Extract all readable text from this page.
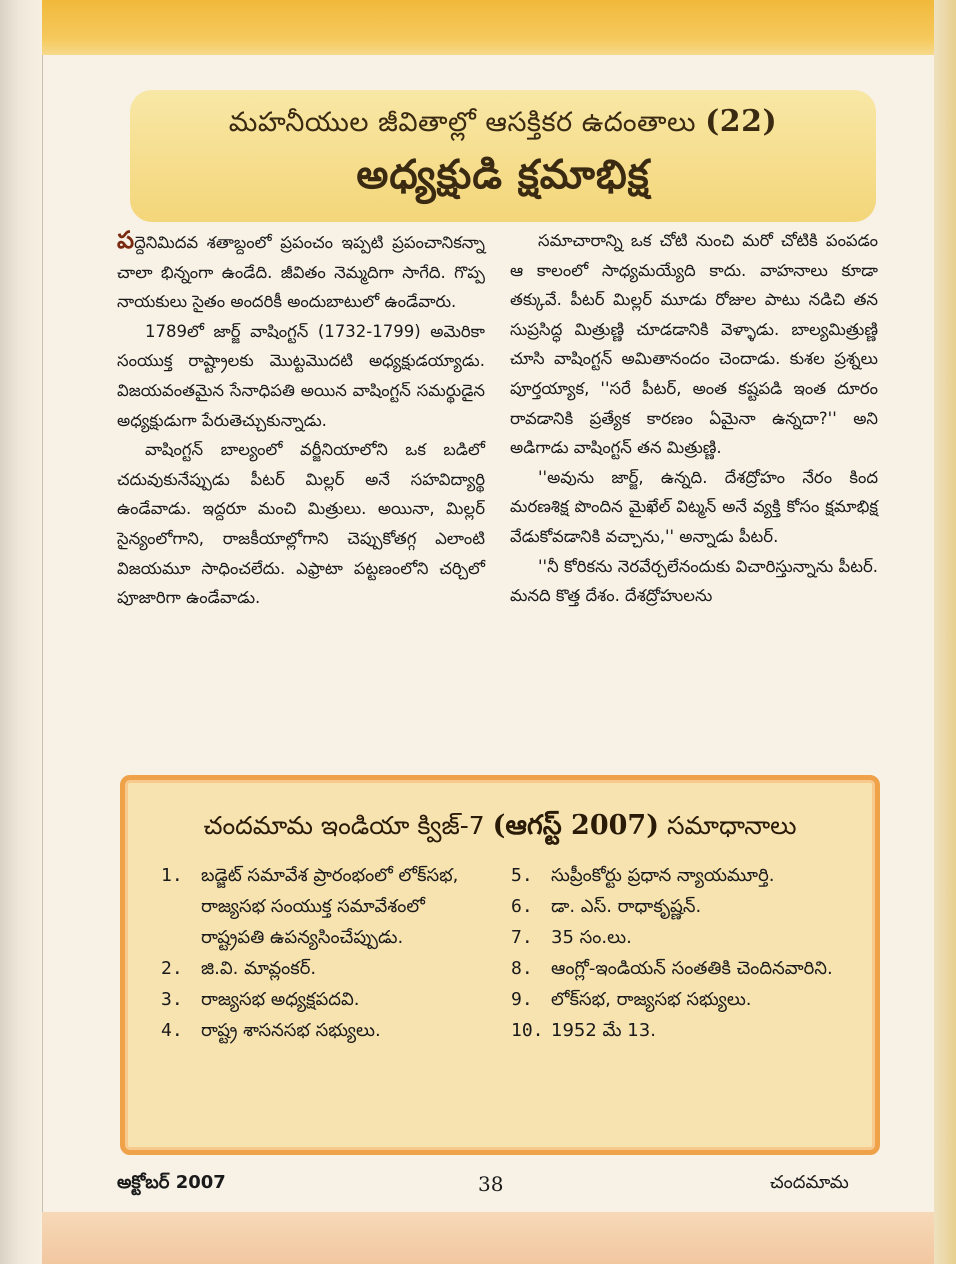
మహనీయుల జీవితాల్లో ఆసక్తికర ఉదంతాలు (22)
అధ్యక్షుడి క్షమాభిక్ష

పద్దెనిమిదవ శతాబ్దంలో ప్రపంచం ఇప్పటి ప్రపంచానికన్నా చాలా భిన్నంగా ఉండేది. జీవితం నెమ్మదిగా సాగేది. గొప్ప నాయకులు సైతం అందరికీ అందుబాటులో ఉండేవారు.

1789లో జార్జ్ వాషింగ్టన్ (1732-1799) అమెరికా సంయుక్త రాష్ట్రాలకు మొట్టమొదటి అధ్యక్షుడయ్యాడు. విజయవంతమైన సేనాధిపతి అయిన వాషింగ్టన్ సమర్థుడైన అధ్యక్షుడుగా పేరుతెచ్చుకున్నాడు.

వాషింగ్టన్ బాల్యంలో వర్జీనియాలోని ఒక బడిలో చదువుకునేప్పుడు పీటర్ మిల్లర్ అనే సహవిద్యార్థి ఉండేవాడు. ఇద్దరూ మంచి మిత్రులు. అయినా, మిల్లర్ సైన్యంలోగాని, రాజకీయాల్లోగాని చెప్పుకోతగ్గ ఎలాంటి విజయమూ సాధించలేదు. ఎఫ్రాటా పట్టణంలోని చర్చిలో పూజారిగా ఉండేవాడు.

సమాచారాన్ని ఒక చోటి నుంచి మరో చోటికి పంపడం ఆ కాలంలో సాధ్యమయ్యేది కాదు. వాహనాలు కూడా తక్కువే. పీటర్ మిల్లర్ మూడు రోజుల పాటు నడిచి తన సుప్రసిద్ధ మిత్రుణ్ణి చూడడానికి వెళ్ళాడు. బాల్యమిత్రుణ్ణి చూసి వాషింగ్టన్ అమితానందం చెందాడు. కుశల ప్రశ్నలు పూర్తయ్యాక, ''సరే పీటర్, అంత కష్టపడి ఇంత దూరం రావడానికి ప్రత్యేక కారణం ఏమైనా ఉన్నదా?'' అని అడిగాడు వాషింగ్టన్ తన మిత్రుణ్ణి.

''అవును జార్జ్, ఉన్నది. దేశద్రోహం నేరం కింద మరణశిక్ష పొందిన మైఖేల్ విట్మన్ అనే వ్యక్తి కోసం క్షమాభిక్ష వేడుకోవడానికి వచ్చాను,'' అన్నాడు పీటర్.

''నీ కోరికను నెరవేర్చలేనందుకు విచారిస్తున్నాను పీటర్. మనది కొత్త దేశం. దేశద్రోహులను

చందమామ ఇండియా క్విజ్-7 (ఆగస్ట్ 2007) సమాధానాలు
1.	బడ్జెట్ సమావేశ ప్రారంభంలో లోక్‌సభ, రాజ్యసభ సంయుక్త సమావేశంలో రాష్ట్రపతి ఉపన్యసించేప్పుడు.
2.	జి.వి. మావ్లంకర్.
3.	రాజ్యసభ అధ్యక్షపదవి.
4.	రాష్ట్ర శాసనసభ సభ్యులు.
5.	సుప్రీంకోర్టు ప్రధాన న్యాయమూర్తి.
6.	డా. ఎస్. రాధాకృష్ణన్.
7.	35 సం.లు.
8.	ఆంగ్లో-ఇండియన్ సంతతికి చెందినవారిని.
9.	లోక్‌సభ, రాజ్యసభ సభ్యులు.
10. 1952 మే 13.
అక్టోబర్ 2007	38	చందమామ
